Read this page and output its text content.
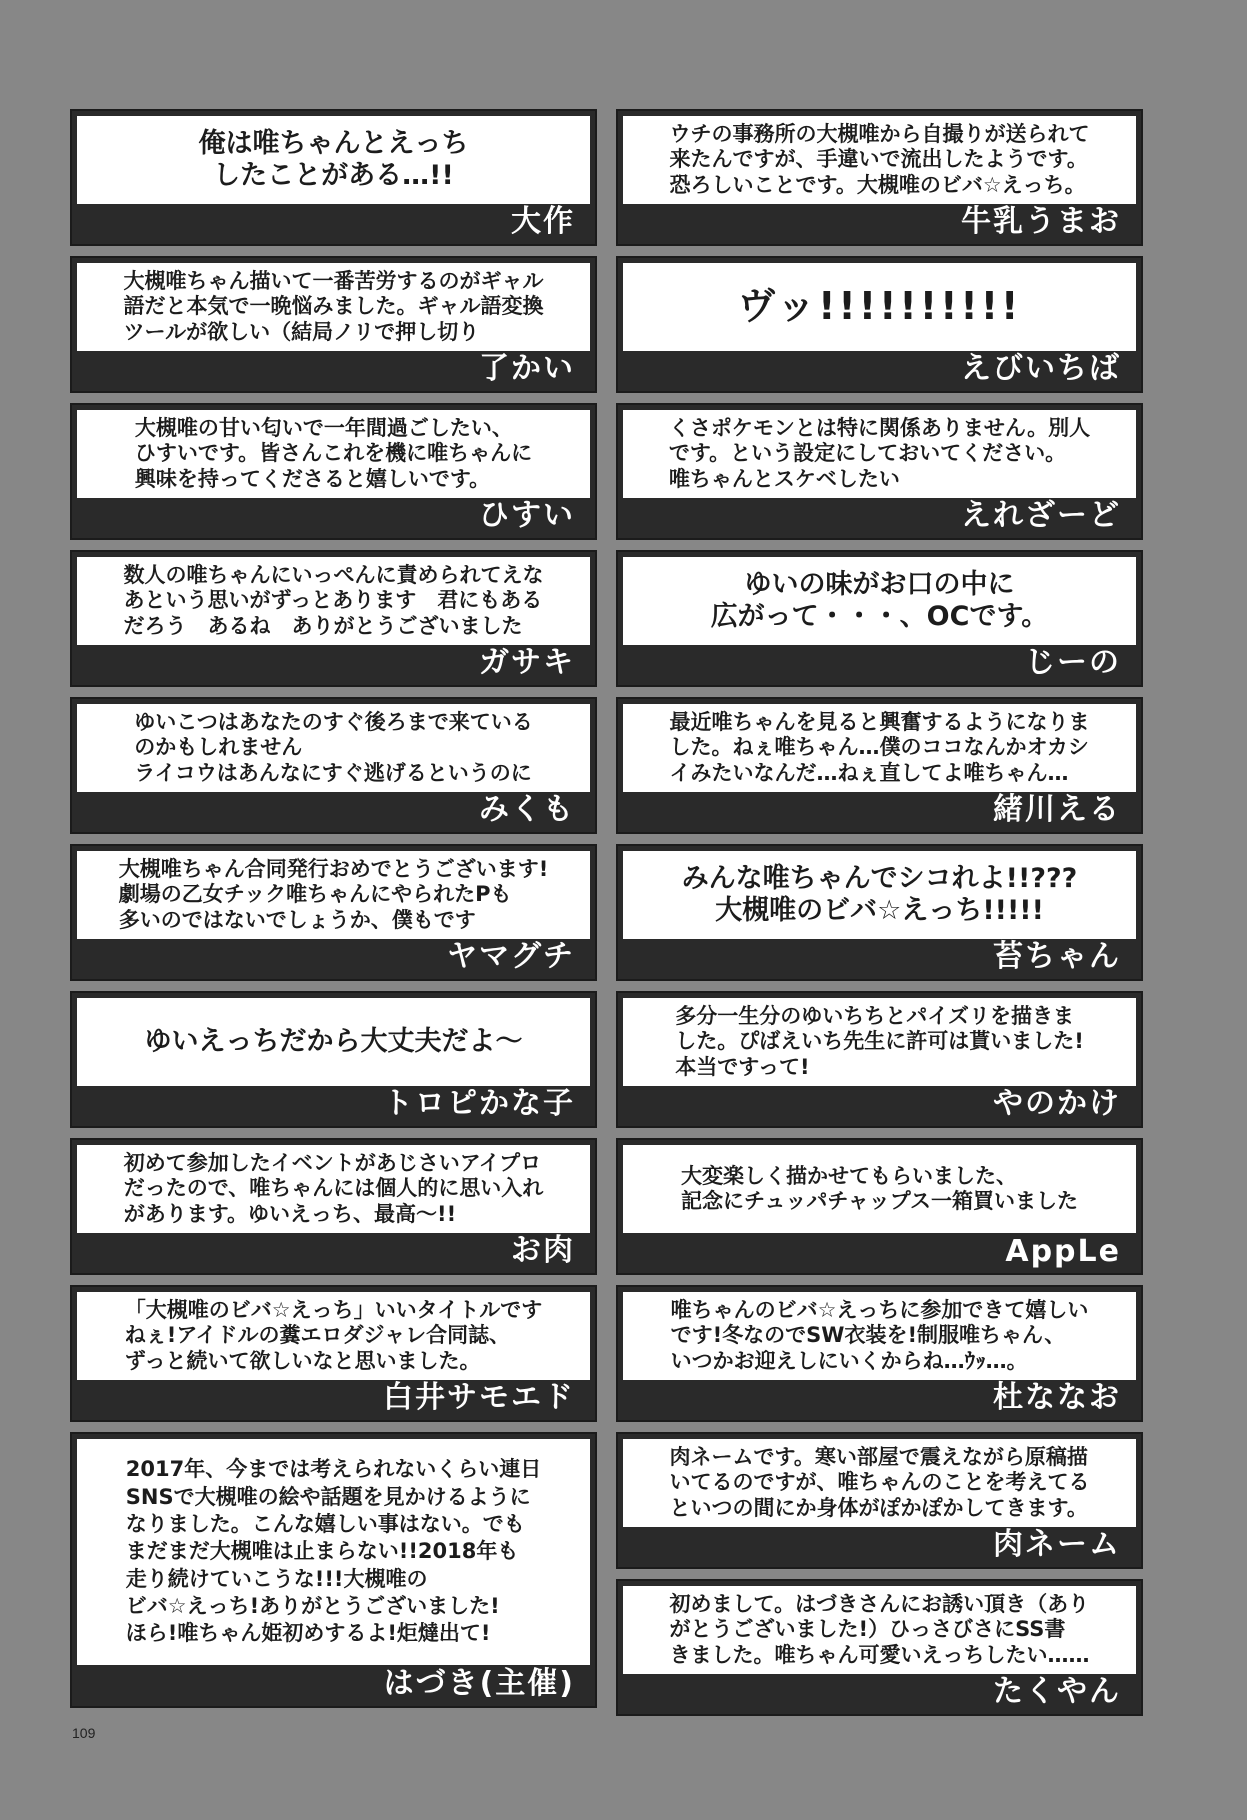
俺は唯ちゃんとえっち
したことがある…!!
大作
大槻唯ちゃん描いて一番苦労するのがギャル
語だと本気で一晩悩みました。ギャル語変換
ツールが欲しい（結局ノリで押し切り
了かい
大槻唯の甘い匂いで一年間過ごしたい、
ひすいです。皆さんこれを機に唯ちゃんに
興味を持ってくださると嬉しいです。
ひすい
数人の唯ちゃんにいっぺんに責められてえな
あという思いがずっとあります　君にもある
だろう　あるね　ありがとうございました
ガサキ
ゆいこつはあなたのすぐ後ろまで来ている
のかもしれません
ライコウはあんなにすぐ逃げるというのに
みくも
大槻唯ちゃん合同発行おめでとうございます!
劇場の乙女チック唯ちゃんにやられたPも
多いのではないでしょうか、僕もです
ヤマグチ
ゆいえっちだから大丈夫だよ～
トロピかな子
初めて参加したイベントがあじさいアイプロ
だったので、唯ちゃんには個人的に思い入れ
があります。ゆいえっち、最高～!!
お肉
「大槻唯のビバ☆えっち」いいタイトルです
ねぇ!アイドルの糞エロダジャレ合同誌、
ずっと続いて欲しいなと思いました。
白井サモエド
2017年、今までは考えられないくらい連日
SNSで大槻唯の絵や話題を見かけるように
なりました。こんな嬉しい事はない。でも
まだまだ大槻唯は止まらない!!2018年も
走り続けていこうな!!!大槻唯の
ビバ☆えっち!ありがとうございました!
ほら!唯ちゃん姫初めするよ!炬燵出て!
はづき(主催)
ウチの事務所の大槻唯から自撮りが送られて
来たんですが、手違いで流出したようです。
恐ろしいことです。大槻唯のビバ☆えっち。
牛乳うまお
ヴッ!!!!!!!!!!
えびいちば
くさポケモンとは特に関係ありません。別人
です。という設定にしておいてください。
唯ちゃんとスケベしたい
えれざーど
ゆいの味がお口の中に
広がって・・・、OCです。
じーの
最近唯ちゃんを見ると興奮するようになりま
した。ねぇ唯ちゃん…僕のココなんかオカシ
イみたいなんだ…ねぇ直してよ唯ちゃん…
緒川える
みんな唯ちゃんでシコれよ!!???
大槻唯のビバ☆えっち!!!!!
苔ちゃん
多分一生分のゆいちちとパイズリを描きま
した。ぴばえいち先生に許可は貰いました!
本当ですって!
やのかけ
大変楽しく描かせてもらいました、
記念にチュッパチャップス一箱買いました
AppLe
唯ちゃんのビバ☆えっちに参加できて嬉しい
です!冬なのでSW衣装を!制服唯ちゃん、
いつかお迎えしにいくからね…ｳｯ…。
杜ななお
肉ネームです。寒い部屋で震えながら原稿描
いてるのですが、唯ちゃんのことを考えてる
といつの間にか身体がぽかぽかしてきます。
肉ネーム
初めまして。はづきさんにお誘い頂き（あり
がとうございました!）ひっさびさにSS書
きました。唯ちゃん可愛いえっちしたい……
たくやん
109
